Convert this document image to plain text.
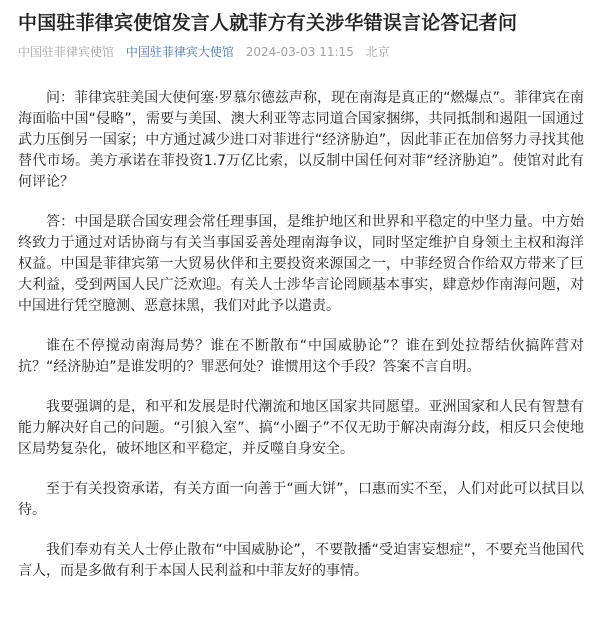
中国驻菲律宾使馆发言人就菲方有关涉华错误言论答记者问
中国驻菲律宾使馆 中国驻菲律宾大使馆 2024-03-03 11:15 北京

问：菲律宾驻美国大使何塞·罗慕尔德兹声称，现在南海是真正的“燃爆点”。菲律宾在南海面临中国“侵略”，需要与美国、澳大利亚等志同道合国家捆绑，共同抵制和遏阻一国通过武力压倒另一国家；中方通过减少进口对菲进行“经济胁迫”，因此菲正在加倍努力寻找其他替代市场。美方承诺在菲投资1.7万亿比索，以反制中国任何对菲“经济胁迫”。使馆对此有何评论？

答：中国是联合国安理会常任理事国，是维护地区和世界和平稳定的中坚力量。中方始终致力于通过对话协商与有关当事国妥善处理南海争议，同时坚定维护自身领土主权和海洋权益。中国是菲律宾第一大贸易伙伴和主要投资来源国之一，中菲经贸合作给双方带来了巨大利益，受到两国人民广泛欢迎。有关人士涉华言论罔顾基本事实，肆意炒作南海问题，对中国进行凭空臆测、恶意抹黑，我们对此予以遣责。

谁在不停搅动南海局势？谁在不断散布“中国威胁论”？谁在到处拉帮结伙搞阵营对抗？“经济胁迫”是谁发明的？罪恶何处？谁惯用这个手段？答案不言自明。

我要强调的是，和平和发展是时代潮流和地区国家共同愿望。亚洲国家和人民有智慧有能力解决好自己的问题。“引狼入室”、搞“小圈子”不仅无助于解决南海分歧，相反只会使地区局势复杂化，破坏地区和平稳定，并反噬自身安全。

至于有关投资承诺，有关方面一向善于“画大饼”，口惠而实不至，人们对此可以拭目以待。

我们奉劝有关人士停止散布“中国威胁论”，不要散播“受迫害妄想症”，不要充当他国代言人，而是多做有利于本国人民利益和中菲友好的事情。
